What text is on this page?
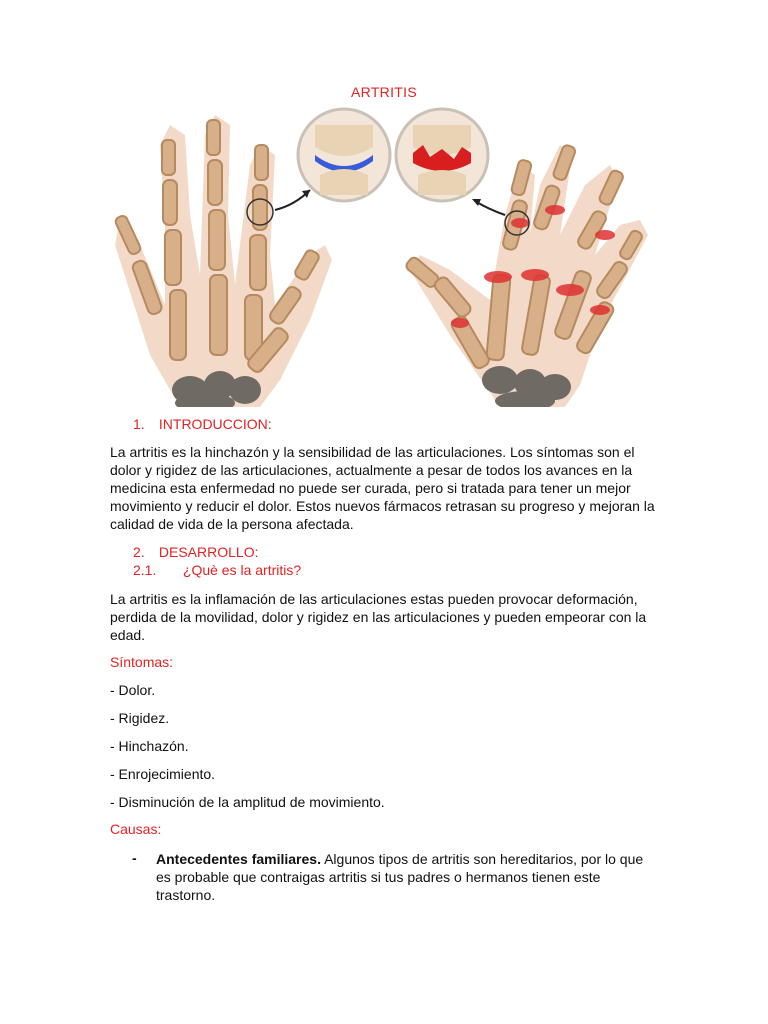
ARTRITIS
1. INTRODUCCION:
La artritis es la hinchazón y la sensibilidad de las articulaciones. Los síntomas son el dolor y rigidez de las articulaciones, actualmente a pesar de todos los avances en la medicina esta enfermedad no puede ser curada, pero si tratada para tener un mejor movimiento y reducir el dolor. Estos nuevos fármacos retrasan su progreso y mejoran la calidad de vida de la persona afectada.
2. DESARROLLO:
2.1. ¿Què es la artritis?
La artritis es la inflamación de las articulaciones estas pueden provocar deformación, perdida de la movilidad, dolor y rigidez en las articulaciones y pueden empeorar con la edad.
Síntomas:
- Dolor.
- Rigidez.
- Hinchazón.
- Enrojecimiento.
- Disminución de la amplitud de movimiento.
Causas:
- Antecedentes familiares. Algunos tipos de artritis son hereditarios, por lo que es probable que contraigas artritis si tus padres o hermanos tienen este trastorno.
